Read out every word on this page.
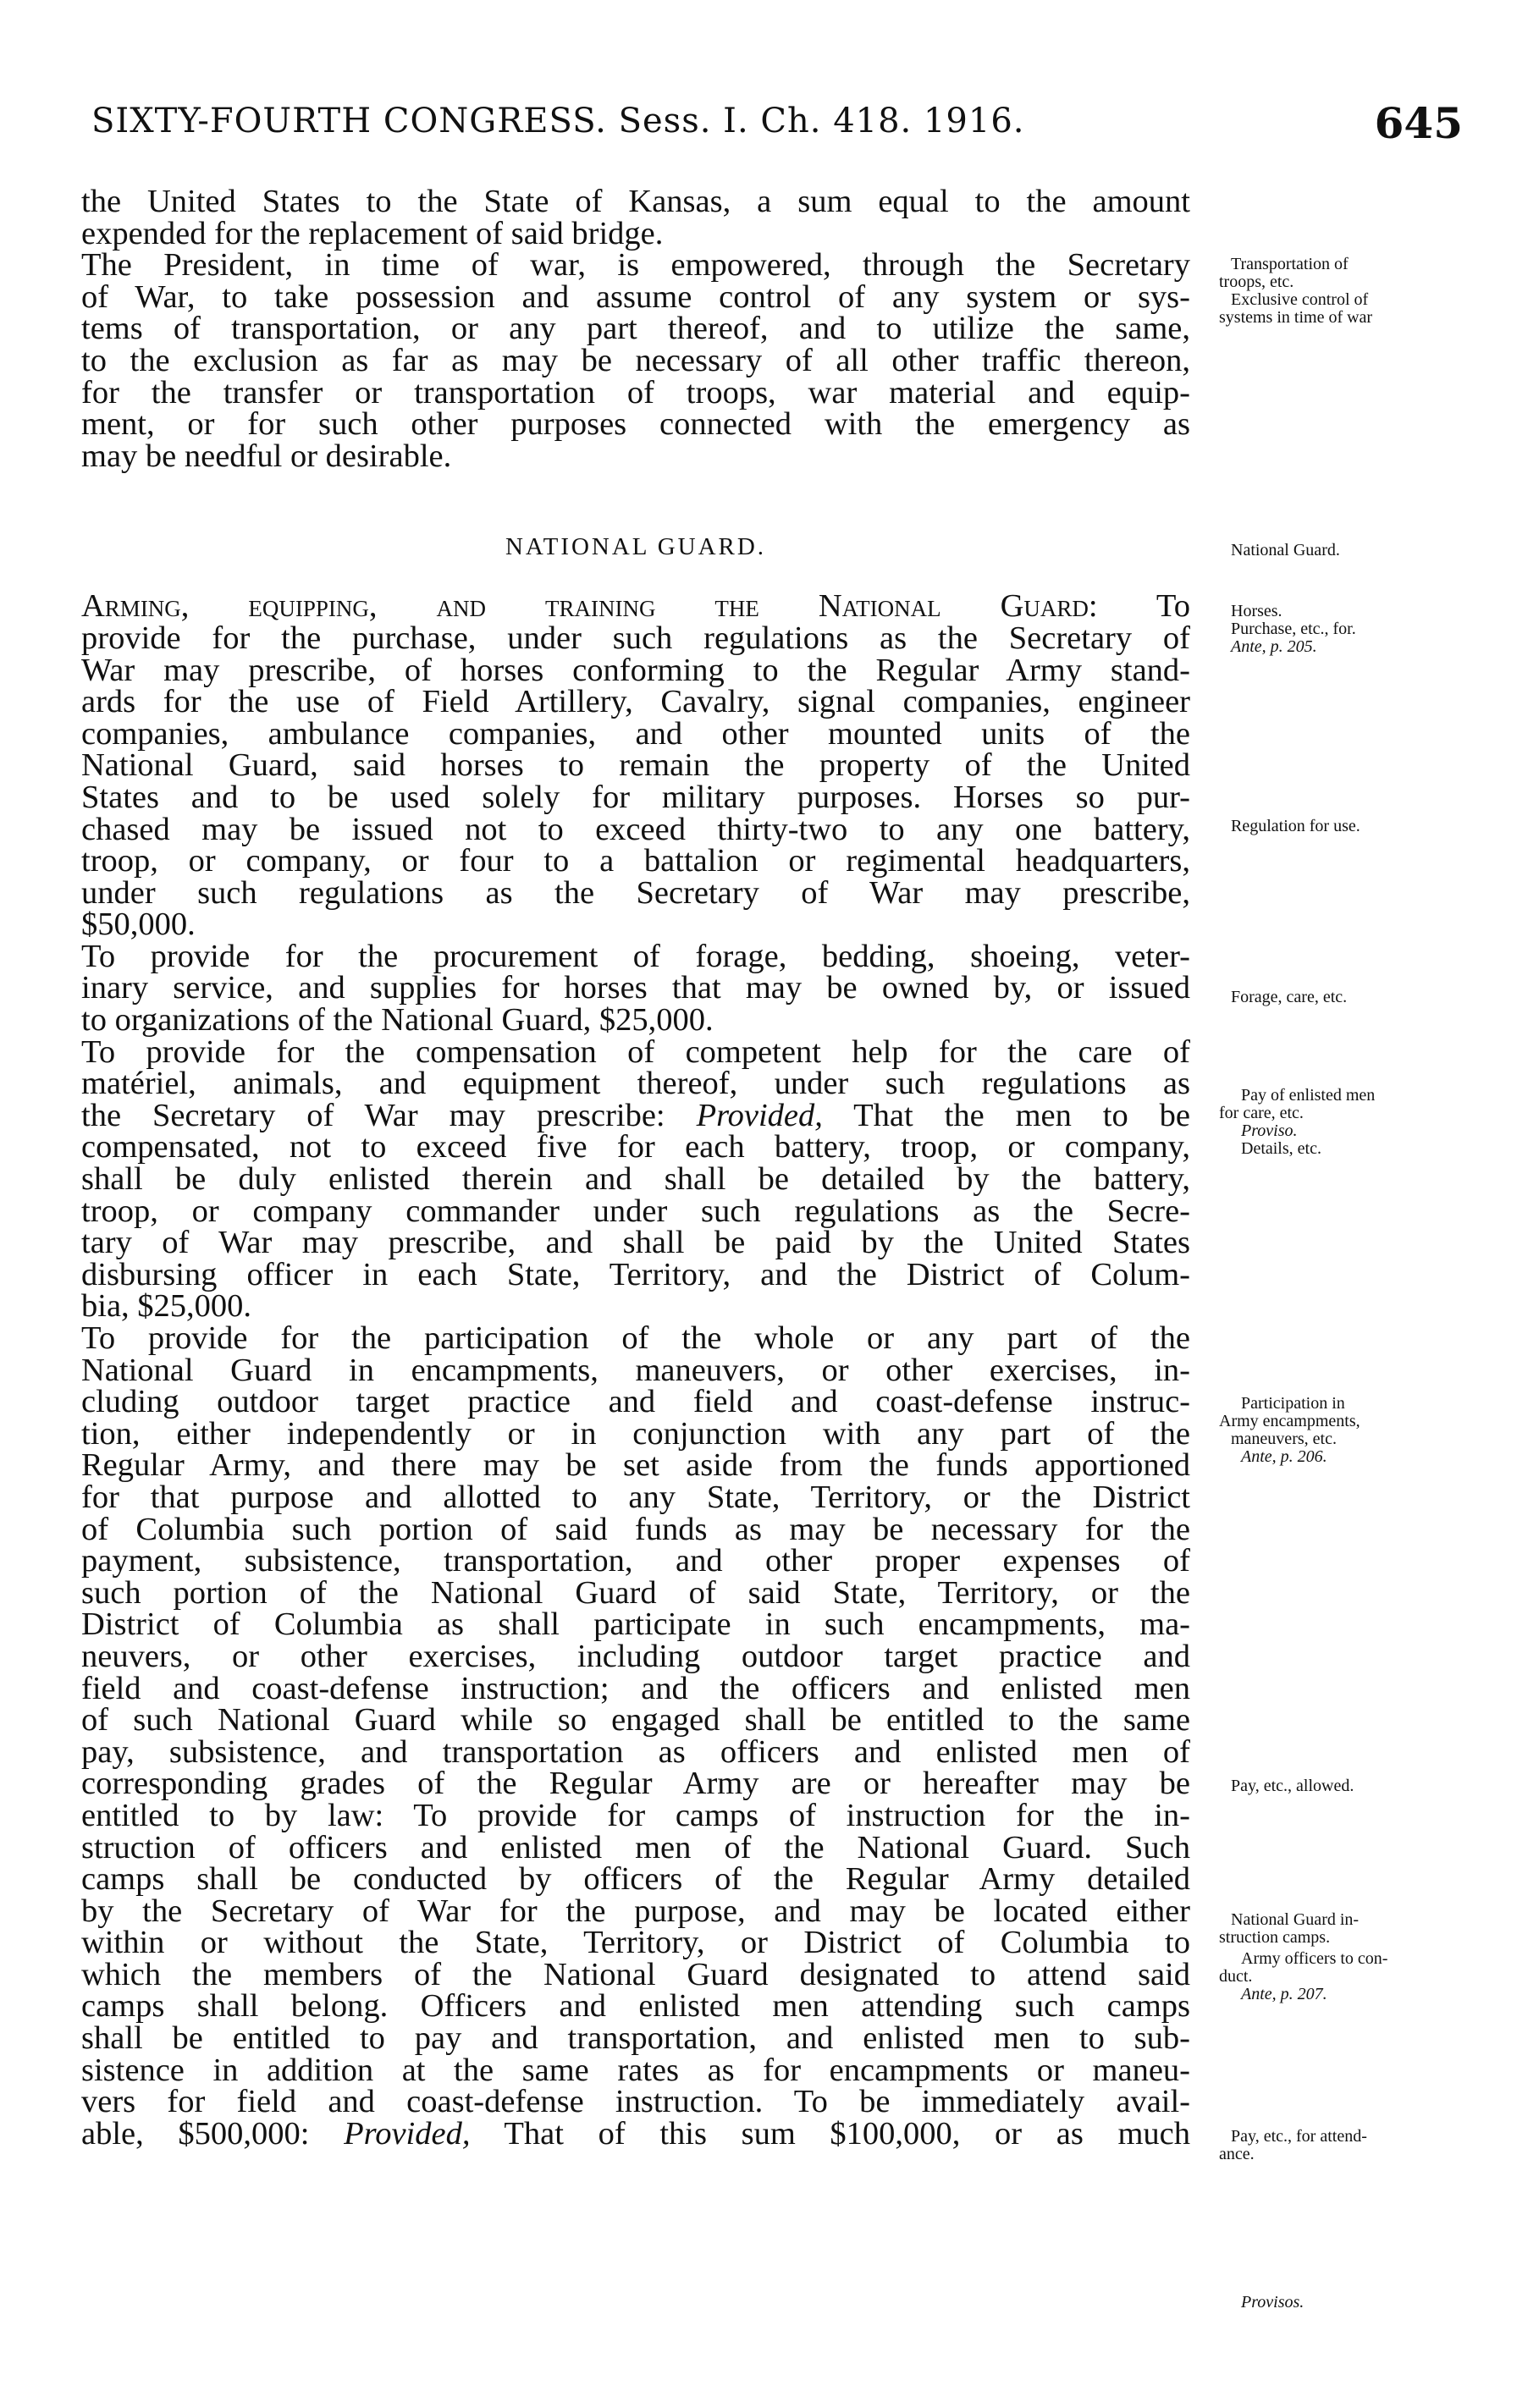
SIXTY-FOURTH CONGRESS. Sess. I. Ch. 418. 1916.	645
the United States to the State of Kansas, a sum equal to the amount
expended for the replacement of said bridge.
The President, in time of war, is empowered, through the Secretary
of War, to take possession and assume control of any system or sys-
tems of transportation, or any part thereof, and to utilize the same,
to the exclusion as far as may be necessary of all other traffic thereon,
for the transfer or transportation of troops, war material and equip-
ment, or for such other purposes connected with the emergency as
may be needful or desirable.
NATIONAL GUARD.
Arming, equipping, and training the National Guard: To
provide for the purchase, under such regulations as the Secretary of
War may prescribe, of horses conforming to the Regular Army stand-
ards for the use of Field Artillery, Cavalry, signal companies, engineer
companies, ambulance companies, and other mounted units of the
National Guard, said horses to remain the property of the United
States and to be used solely for military purposes. Horses so pur-
chased may be issued not to exceed thirty-two to any one battery,
troop, or company, or four to a battalion or regimental headquarters,
under such regulations as the Secretary of War may prescribe,
$50,000.
To provide for the procurement of forage, bedding, shoeing, veter-
inary service, and supplies for horses that may be owned by, or issued
to organizations of the National Guard, $25,000.
To provide for the compensation of competent help for the care of
matériel, animals, and equipment thereof, under such regulations as
the Secretary of War may prescribe: Provided, That the men to be
compensated, not to exceed five for each battery, troop, or company,
shall be duly enlisted therein and shall be detailed by the battery,
troop, or company commander under such regulations as the Secre-
tary of War may prescribe, and shall be paid by the United States
disbursing officer in each State, Territory, and the District of Colum-
bia, $25,000.
To provide for the participation of the whole or any part of the
National Guard in encampments, maneuvers, or other exercises, in-
cluding outdoor target practice and field and coast-defense instruc-
tion, either independently or in conjunction with any part of the
Regular Army, and there may be set aside from the funds apportioned
for that purpose and allotted to any State, Territory, or the District
of Columbia such portion of said funds as may be necessary for the
payment, subsistence, transportation, and other proper expenses of
such portion of the National Guard of said State, Territory, or the
District of Columbia as shall participate in such encampments, ma-
neuvers, or other exercises, including outdoor target practice and
field and coast-defense instruction; and the officers and enlisted men
of such National Guard while so engaged shall be entitled to the same
pay, subsistence, and transportation as officers and enlisted men of
corresponding grades of the Regular Army are or hereafter may be
entitled to by law: To provide for camps of instruction for the in-
struction of officers and enlisted men of the National Guard. Such
camps shall be conducted by officers of the Regular Army detailed
by the Secretary of War for the purpose, and may be located either
within or without the State, Territory, or District of Columbia to
which the members of the National Guard designated to attend said
camps shall belong. Officers and enlisted men attending such camps
shall be entitled to pay and transportation, and enlisted men to sub-
sistence in addition at the same rates as for encampments or maneu-
vers for field and coast-defense instruction. To be immediately avail-
able, $500,000: Provided, That of this sum $100,000, or as much
Transportation of
troops, etc.
Exclusive control of
systems in time of war
National Guard.
Horses.
Purchase, etc., for.
Ante, p. 205.
Regulation for use.
Forage, care, etc.
Pay of enlisted men
for care, etc.
Proviso.
Details, etc.
Participation in
Army encampments,
maneuvers, etc.
Ante, p. 206.
Pay, etc., allowed.
National Guard in-
struction camps.
Army officers to con-
duct.
Ante, p. 207.
Pay, etc., for attend-
ance.
Provisos.
